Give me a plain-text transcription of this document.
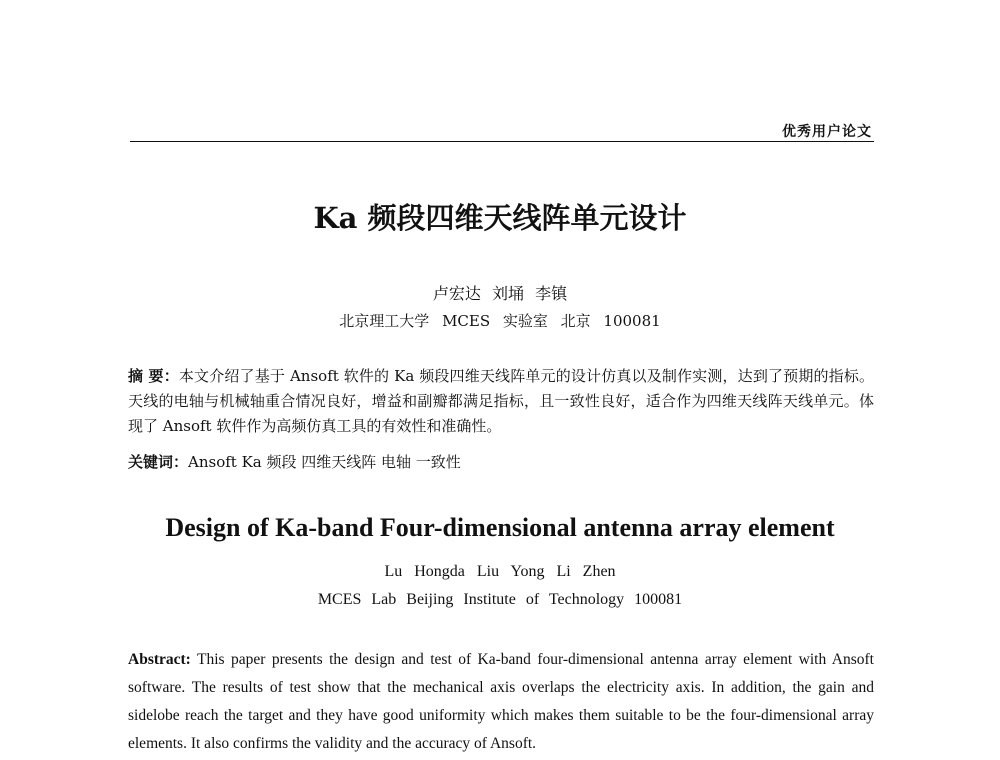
优秀用户论文
Ka 频段四维天线阵单元设计
卢宏达 刘埇 李镇
北京理工大学 MCES 实验室 北京 100081
摘 要：本文介绍了基于 Ansoft 软件的 Ka 频段四维天线阵单元的设计仿真以及制作实测，达到了预期的指标。天线的电轴与机械轴重合情况良好，增益和副瓣都满足指标，且一致性良好，适合作为四维天线阵天线单元。体现了 Ansoft 软件作为高频仿真工具的有效性和准确性。
关键词：Ansoft Ka 频段 四维天线阵 电轴 一致性
Design of Ka-band Four-dimensional antenna array element
Lu Hongda Liu Yong Li Zhen
MCES Lab Beijing Institute of Technology 100081
Abstract: This paper presents the design and test of Ka-band four-dimensional antenna array element with Ansoft software. The results of test show that the mechanical axis overlaps the electricity axis. In addition, the gain and sidelobe reach the target and they have good uniformity which makes them suitable to be the four-dimensional array elements. It also confirms the validity and the accuracy of Ansoft.
